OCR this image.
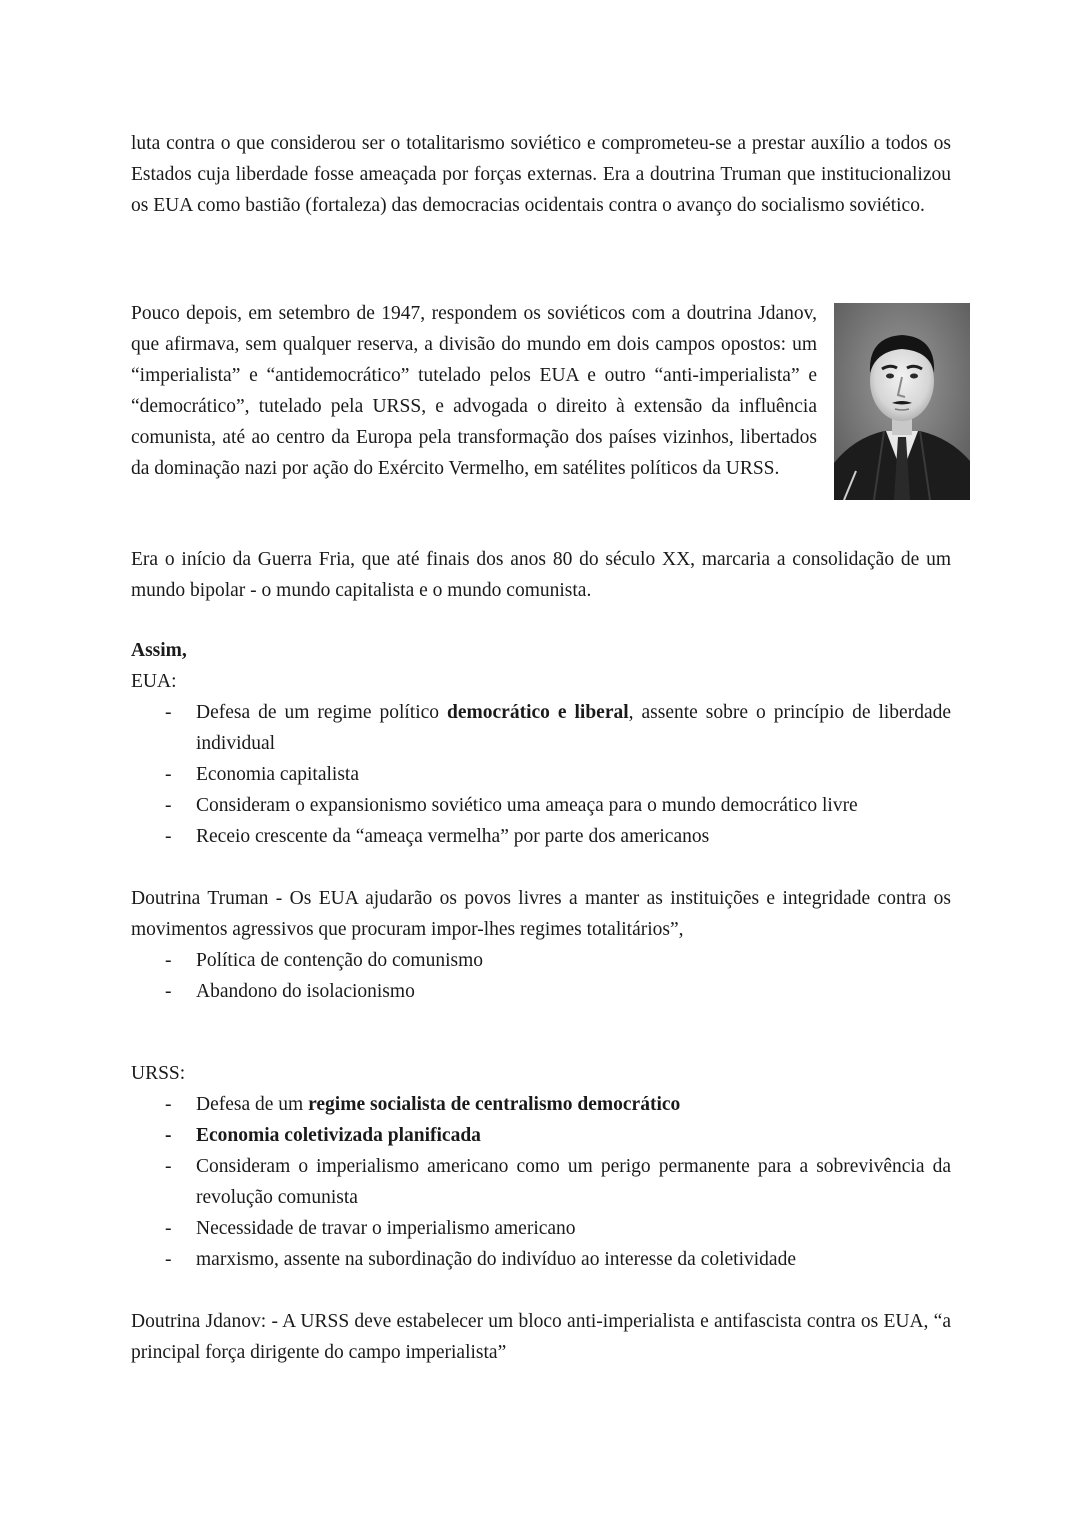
luta contra o que considerou ser o totalitarismo soviético e comprometeu-se a prestar auxílio a todos os Estados cuja liberdade fosse ameaçada por forças externas. Era a doutrina Truman que institucionalizou os EUA como bastião (fortaleza) das democracias ocidentais contra o avanço do socialismo soviético.

Pouco depois, em setembro de 1947, respondem os soviéticos com a doutrina Jdanov, que afirmava, sem qualquer reserva, a divisão do mundo em dois campos opostos: um “imperialista” e “antidemocrático” tutelado pelos EUA e outro “anti-imperialista” e “democrático”, tutelado pela URSS, e advogada o direito à extensão da influência comunista, até ao centro da Europa pela transformação dos países vizinhos, libertados da dominação nazi por ação do Exército Vermelho, em satélites políticos da URSS.

Era o início da Guerra Fria, que até finais dos anos 80 do século XX, marcaria a consolidação de um mundo bipolar - o mundo capitalista e o mundo comunista.

Assim,

EUA:

- Defesa de um regime político democrático e liberal, assente sobre o princípio de liberdade individual
- Economia capitalista
- Consideram o expansionismo soviético uma ameaça para o mundo democrático livre
- Receio crescente da “ameaça vermelha” por parte dos americanos

Doutrina Truman - Os EUA ajudarão os povos livres a manter as instituições e integridade contra os movimentos agressivos que procuram impor-lhes regimes totalitários”,

- Política de contenção do comunismo
- Abandono do isolacionismo

URSS:

- Defesa de um regime socialista de centralismo democrático
- Economia coletivizada planificada
- Consideram o imperialismo americano como um perigo permanente para a sobrevivência da revolução comunista
- Necessidade de travar o imperialismo americano
- marxismo, assente na subordinação do indivíduo ao interesse da coletividade

Doutrina Jdanov: - A URSS deve estabelecer um bloco anti-imperialista e antifascista contra os EUA, “a principal força dirigente do campo imperialista”
